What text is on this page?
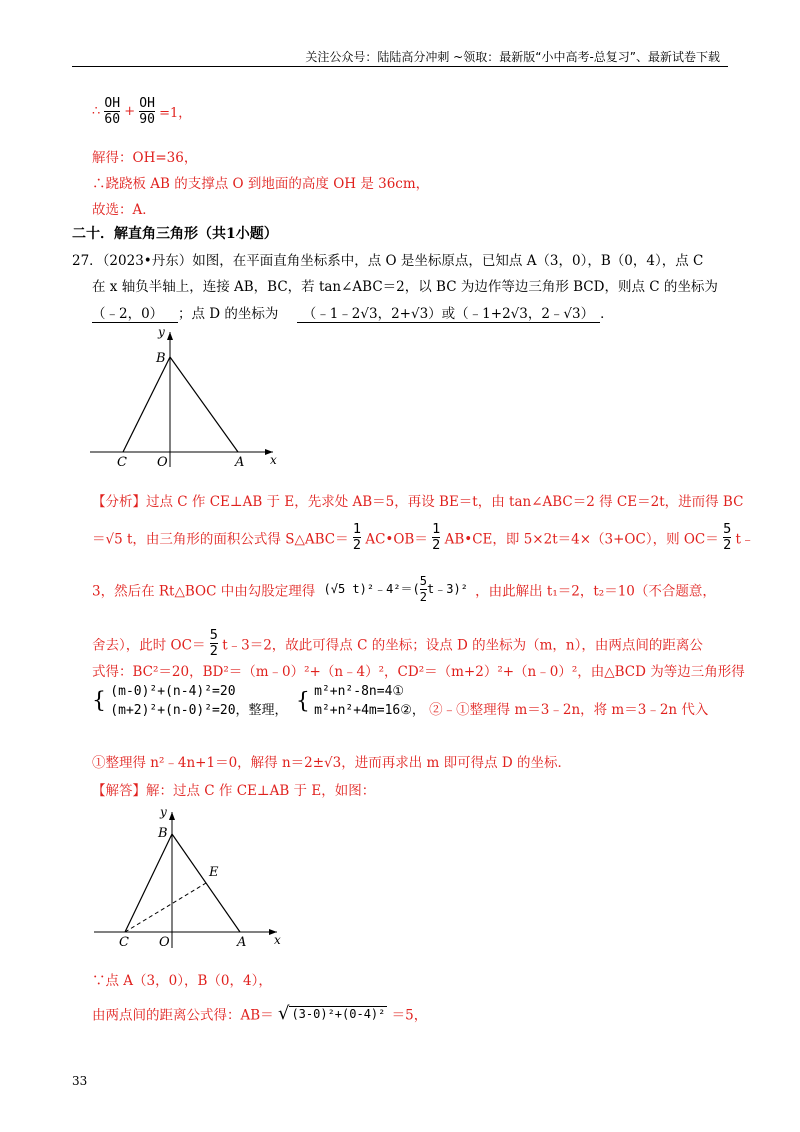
关注公众号：陆陆高分冲刺 ~领取：最新版“小中高考-总复习”、最新试卷下载
∴ $\frac{OH}{60} + \frac{OH}{90} =1$，
解得：OH=36，
∴跷跷板 AB 的支撑点 O 到地面的高度 OH 是 36cm，
故选：A．
二十．解直角三角形（共1小题）
27．（2023•丹东）如图，在平面直角坐标系中，点 O 是坐标原点，已知点 A（3，0），B（0，4），点 C
在 x 轴负半轴上，连接 AB，BC，若 tan∠ABC＝2，以 BC 为边作等边三角形 BCD，则点 C 的坐标为
（﹣2，0） ；点 D 的坐标为 （﹣1﹣2√3，2+√3）或（﹣1+2√3，2﹣√3） ．
y
B
C O	A x
【分析】过点 C 作 CE⊥AB 于 E，先求处 AB＝5，再设 BE＝t，由 tan∠ABC＝2 得 CE＝2t，进而得 BC
＝√5 t，由三角形的面积公式得 S△ABC＝ $\frac{1}{2}$ AC•OB＝ $\frac{1}{2}$ AB•CE，即 5×2t＝4×（3+OC），则 $OC= \frac{5}{2}$ t﹣
3，然后在 Rt△BOC 中由勾股定理得 (√5 t)²﹣4²＝( $\frac{5}{2}$ t﹣3)² ，由此解出 t₁＝2，t₂＝10（不合题意，
舍去），此时 $OC= \frac{5}{2}$ t﹣3＝2，故此可得点 C 的坐标；设点 D 的坐标为（m，n），由两点间的距离公
式得：BC²＝20，BD²＝（m﹣0）²+（n﹣4）²，CD²＝（m+2）²+（n﹣0）²，由△BCD 为等边三角形得
{ (m-0)²+(n-4)²=20
(m+2)²+(n-0)²=20，整理， { m²+n²-8n=4①
m²+n²+4m=16②， ②﹣①整理得 m＝3﹣2n，将 m＝3﹣2n 代入
①整理得 n²﹣4n+1＝0，解得 n＝2±√3，进而再求出 m 即可得点 D 的坐标．
【解答】解：过点 C 作 CE⊥AB 于 E，如图：
y
B
E
C O	A x
∵点 A（3，0），B（0，4），
由两点间的距离公式得：AB＝ √ (3-0)²+(0-4)² ＝5，
33
